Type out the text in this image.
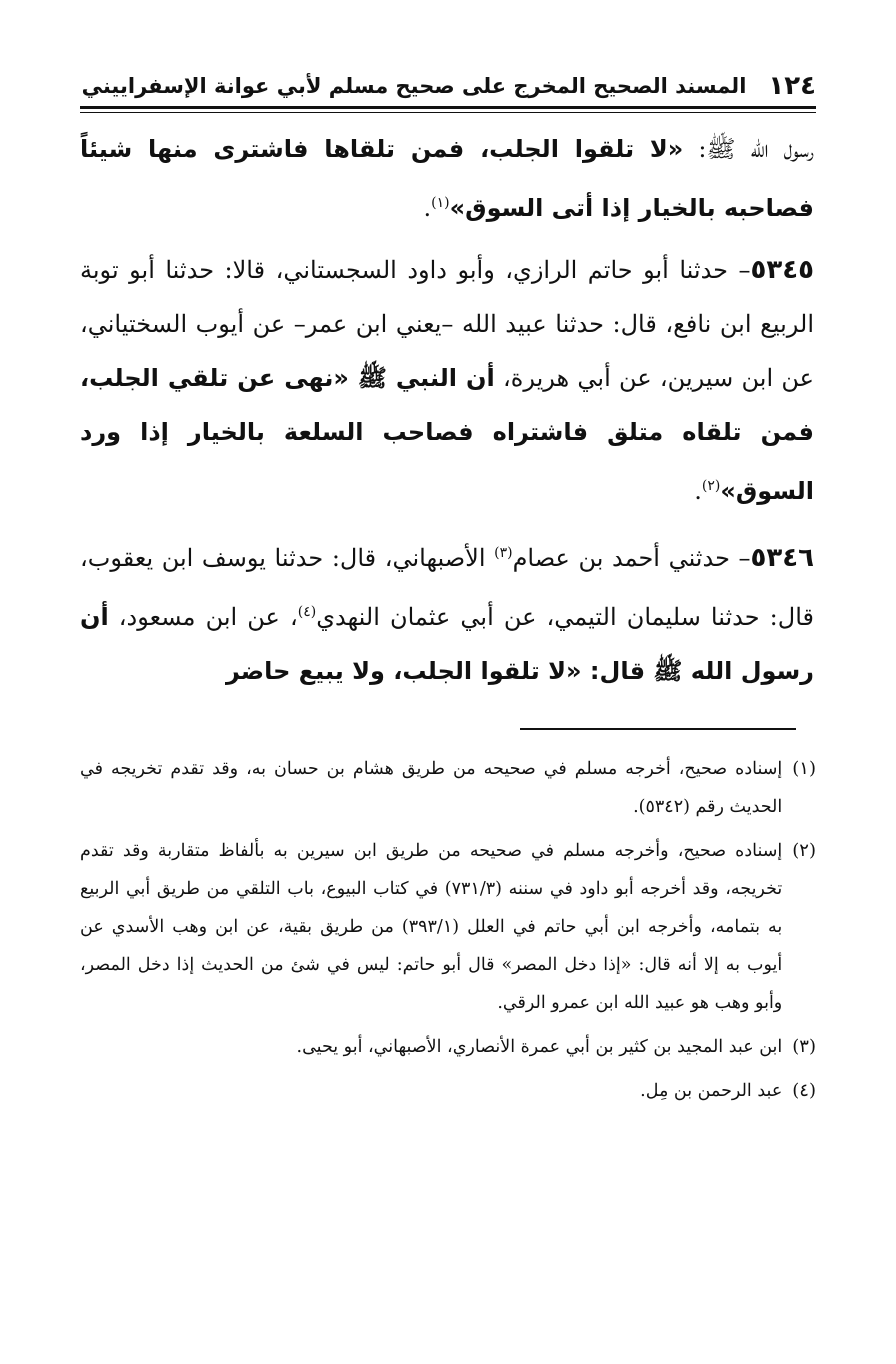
١٢٤
المسند الصحيح المخرج على صحيح مسلم لأبي عوانة الإسفراييني

رسول الله ﷺ: «لا تلقوا الجلب، فمن تلقاها فاشترى منها شيئاً فصاحبه بالخيار إذا أتى السوق»$^{(١)}$.

٥٣٤٥– حدثنا أبو حاتم الرازي، وأبو داود السجستاني، قالا: حدثنا أبو توبة الربيع ابن نافع، قال: حدثنا عبيد الله –يعني ابن عمر– عن أيوب السختياني، عن ابن سيرين، عن أبي هريرة، أن النبي ﷺ «نهى عن تلقي الجلب، فمن تلقاه متلق فاشتراه فصاحب السلعة بالخيار إذا ورد السوق»$^{(٢)}$.

٥٣٤٦– حدثني أحمد بن عصام$^{(٣)}$ الأصبهاني، قال: حدثنا يوسف ابن يعقوب، قال: حدثنا سليمان التيمي، عن أبي عثمان النهدي$^{(٤)}$، عن ابن مسعود، أن رسول الله ﷺ قال: «لا تلقوا الجلب، ولا يبيع حاضر

(١)
إسناده صحيح، أخرجه مسلم في صحيحه من طريق هشام بن حسان به، وقد تقدم تخريجه في الحديث رقم (٥٣٤٢).
(٢)
إسناده صحيح، وأخرجه مسلم في صحيحه من طريق ابن سيرين به بألفاظ متقاربة وقد تقدم تخريجه، وقد أخرجه أبو داود في سننه (٧٣١/٣) في كتاب البيوع، باب التلقي من طريق أبي الربيع به بتمامه، وأخرجه ابن أبي حاتم في العلل (٣٩٣/١) من طريق بقية، عن ابن وهب الأسدي عن أيوب به إلا أنه قال: «إذا دخل المصر» قال أبو حاتم: ليس في شئ من الحديث إذا دخل المصر، وأبو وهب هو عبيد الله ابن عمرو الرقي.
(٣)
ابن عبد المجيد بن كثير بن أبي عمرة الأنصاري، الأصبهاني، أبو يحيى.
(٤)
عبد الرحمن بن مِل.
